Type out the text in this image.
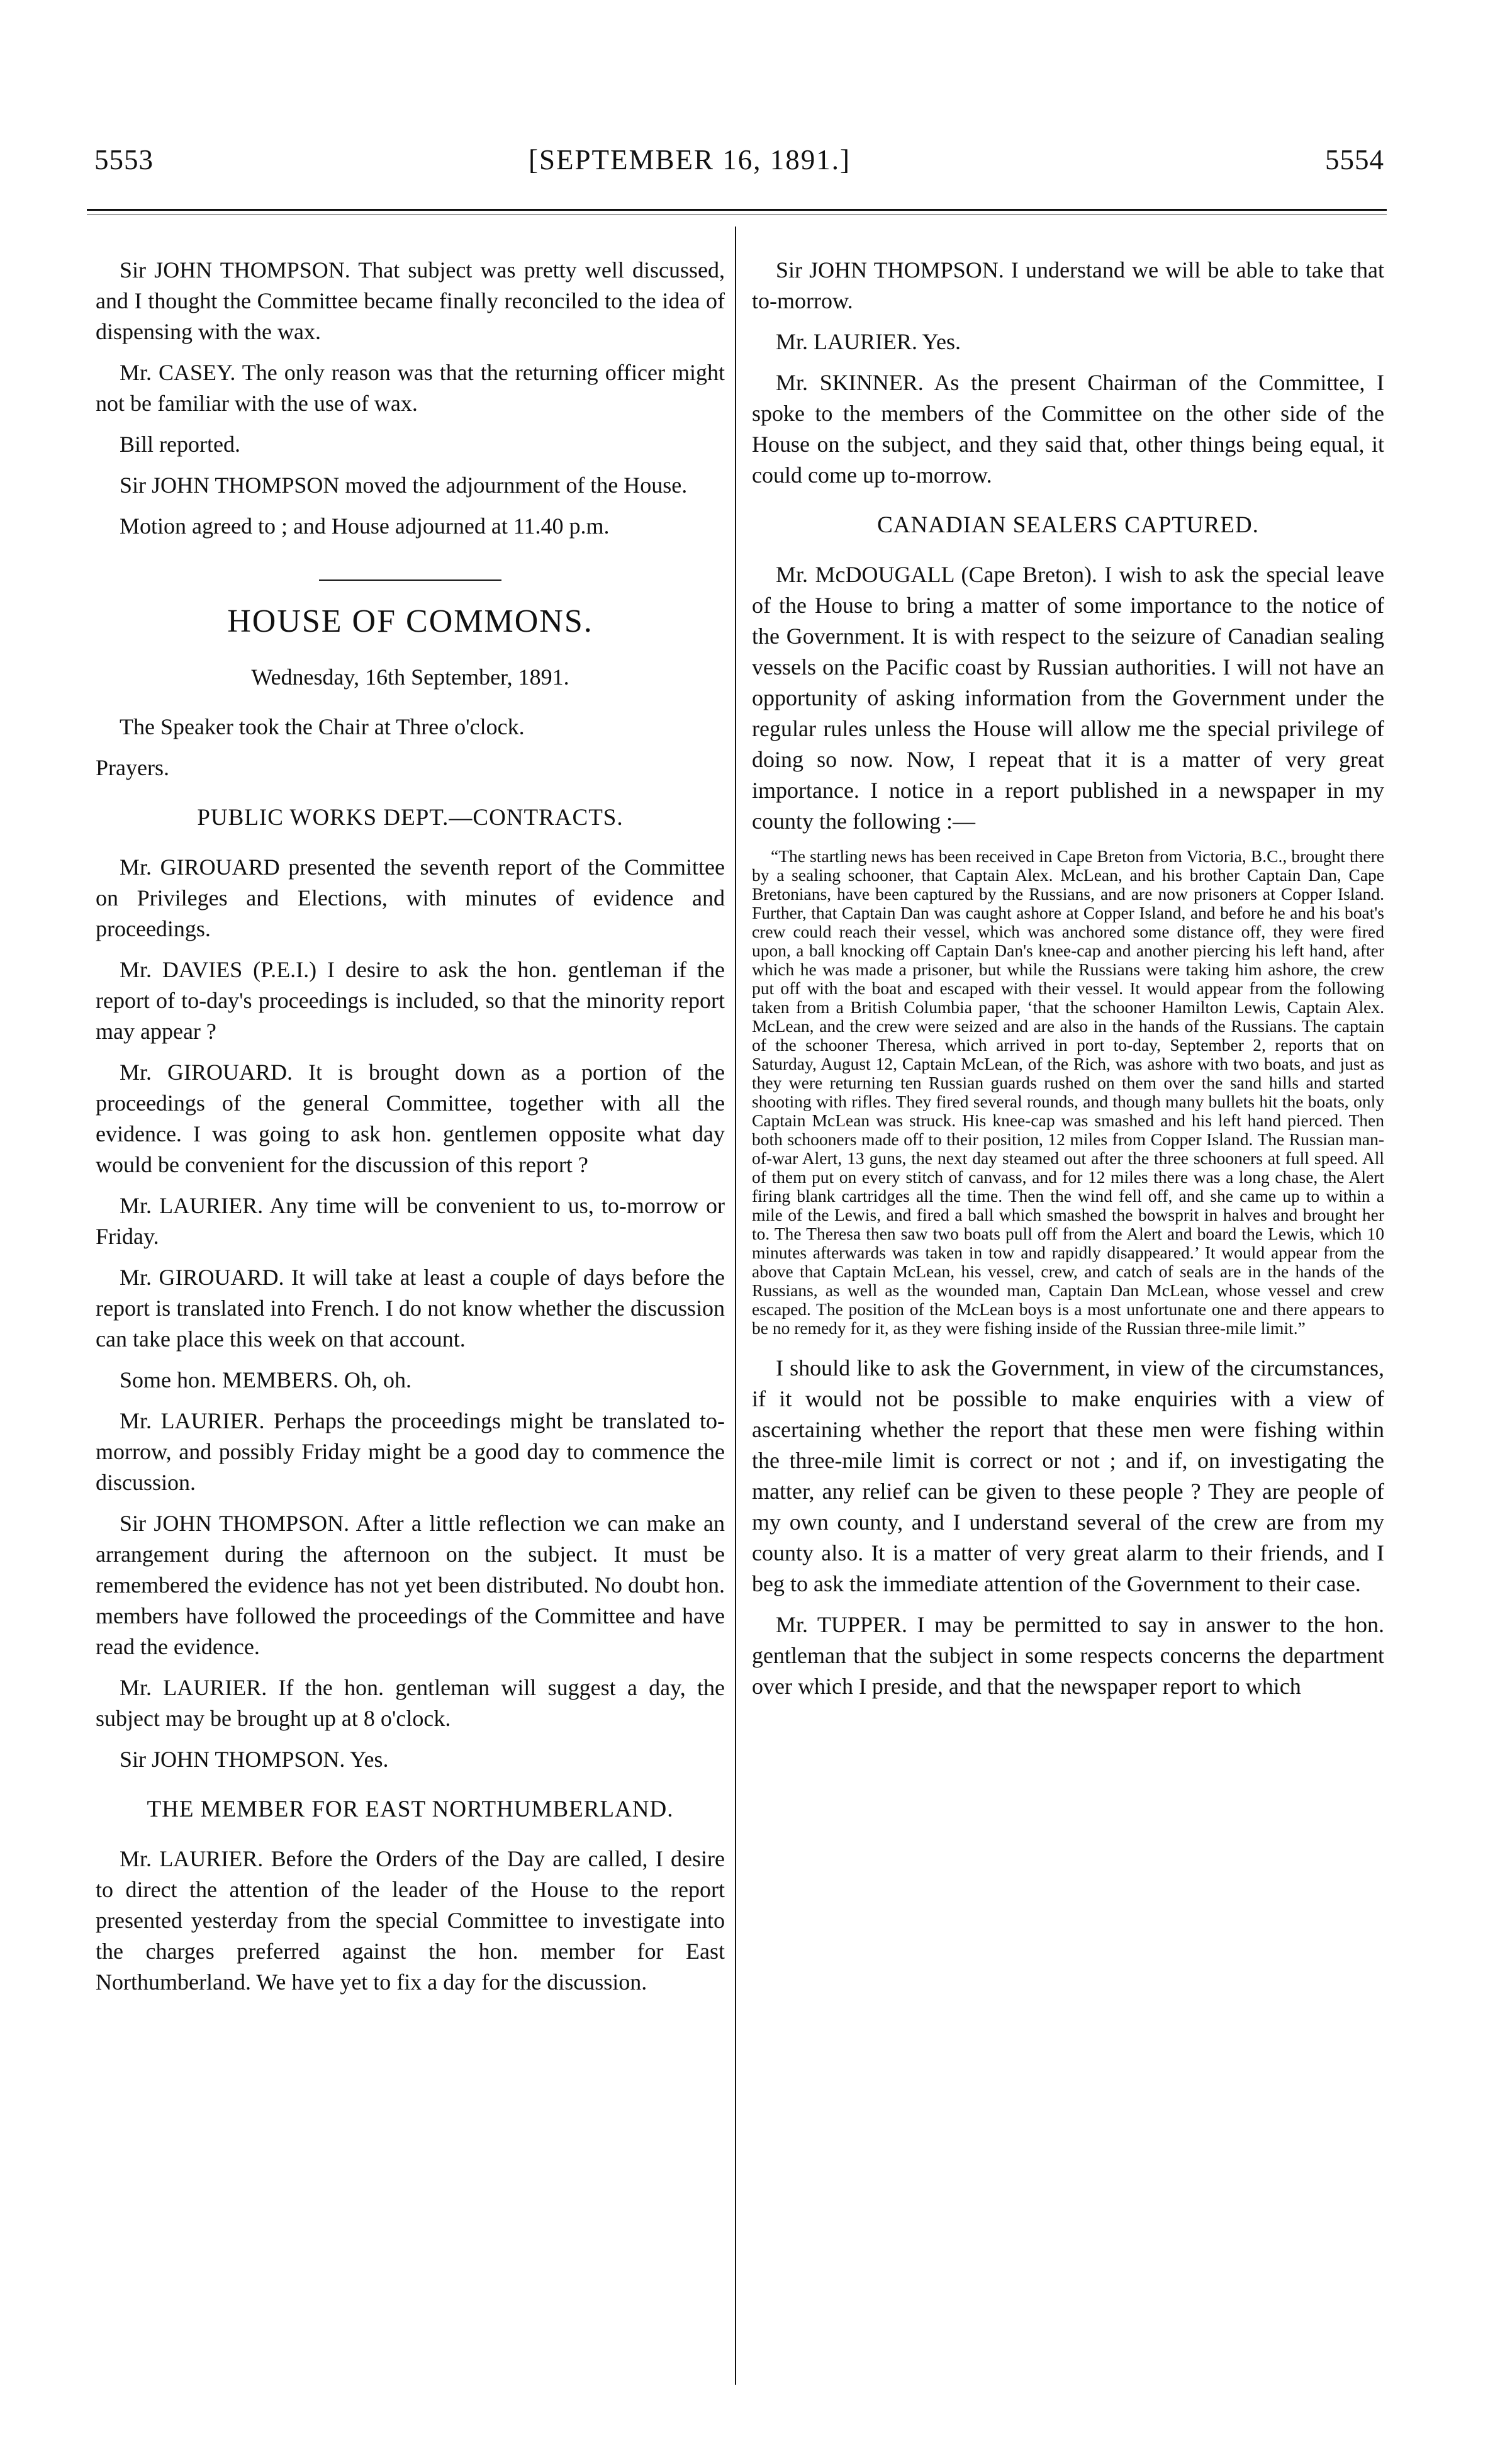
5553	[SEPTEMBER 16, 1891.]	5554

Sir JOHN THOMPSON. That subject was pretty well discussed, and I thought the Committee became finally reconciled to the idea of dispensing with the wax.

Mr. CASEY. The only reason was that the returning officer might not be familiar with the use of wax.

Bill reported.

Sir JOHN THOMPSON moved the adjournment of the House.

Motion agreed to ; and House adjourned at 11.40 p.m.

HOUSE OF COMMONS.

Wednesday, 16th September, 1891.

The Speaker took the Chair at Three o'clock.

Prayers.

PUBLIC WORKS DEPT.—CONTRACTS.

Mr. GIROUARD presented the seventh report of the Committee on Privileges and Elections, with minutes of evidence and proceedings.

Mr. DAVIES (P.E.I.) I desire to ask the hon. gentleman if the report of to-day's proceedings is included, so that the minority report may appear ?

Mr. GIROUARD. It is brought down as a portion of the proceedings of the general Committee, together with all the evidence. I was going to ask hon. gentlemen opposite what day would be convenient for the discussion of this report ?

Mr. LAURIER. Any time will be convenient to us, to-morrow or Friday.

Mr. GIROUARD. It will take at least a couple of days before the report is translated into French. I do not know whether the discussion can take place this week on that account.

Some hon. MEMBERS. Oh, oh.

Mr. LAURIER. Perhaps the proceedings might be translated to-morrow, and possibly Friday might be a good day to commence the discussion.

Sir JOHN THOMPSON. After a little reflection we can make an arrangement during the afternoon on the subject. It must be remembered the evidence has not yet been distributed. No doubt hon. members have followed the proceedings of the Committee and have read the evidence.

Mr. LAURIER. If the hon. gentleman will suggest a day, the subject may be brought up at 8 o'clock.

Sir JOHN THOMPSON. Yes.

THE MEMBER FOR EAST NORTHUMBERLAND.

Mr. LAURIER. Before the Orders of the Day are called, I desire to direct the attention of the leader of the House to the report presented yesterday from the special Committee to investigate into the charges preferred against the hon. member for East Northumberland. We have yet to fix a day for the discussion.

Sir JOHN THOMPSON. I understand we will be able to take that to-morrow.

Mr. LAURIER. Yes.

Mr. SKINNER. As the present Chairman of the Committee, I spoke to the members of the Committee on the other side of the House on the subject, and they said that, other things being equal, it could come up to-morrow.

CANADIAN SEALERS CAPTURED.

Mr. McDOUGALL (Cape Breton). I wish to ask the special leave of the House to bring a matter of some importance to the notice of the Government. It is with respect to the seizure of Canadian sealing vessels on the Pacific coast by Russian authorities. I will not have an opportunity of asking information from the Government under the regular rules unless the House will allow me the special privilege of doing so now. Now, I repeat that it is a matter of very great importance. I notice in a report published in a newspaper in my county the following :—

“The startling news has been received in Cape Breton from Victoria, B.C., brought there by a sealing schooner, that Captain Alex. McLean, and his brother Captain Dan, Cape Bretonians, have been captured by the Russians, and are now prisoners at Copper Island. Further, that Captain Dan was caught ashore at Copper Island, and before he and his boat's crew could reach their vessel, which was anchored some distance off, they were fired upon, a ball knocking off Captain Dan's knee-cap and another piercing his left hand, after which he was made a prisoner, but while the Russians were taking him ashore, the crew put off with the boat and escaped with their vessel. It would appear from the following taken from a British Columbia paper, ‘that the schooner Hamilton Lewis, Captain Alex. McLean, and the crew were seized and are also in the hands of the Russians. The captain of the schooner Theresa, which arrived in port to-day, September 2, reports that on Saturday, August 12, Captain McLean, of the Rich, was ashore with two boats, and just as they were returning ten Russian guards rushed on them over the sand hills and started shooting with rifles. They fired several rounds, and though many bullets hit the boats, only Captain McLean was struck. His knee-cap was smashed and his left hand pierced. Then both schooners made off to their position, 12 miles from Copper Island. The Russian man-of-war Alert, 13 guns, the next day steamed out after the three schooners at full speed. All of them put on every stitch of canvass, and for 12 miles there was a long chase, the Alert firing blank cartridges all the time. Then the wind fell off, and she came up to within a mile of the Lewis, and fired a ball which smashed the bowsprit in halves and brought her to. The Theresa then saw two boats pull off from the Alert and board the Lewis, which 10 minutes afterwards was taken in tow and rapidly disappeared.’ It would appear from the above that Captain McLean, his vessel, crew, and catch of seals are in the hands of the Russians, as well as the wounded man, Captain Dan McLean, whose vessel and crew escaped. The position of the McLean boys is a most unfortunate one and there appears to be no remedy for it, as they were fishing inside of the Russian three-mile limit.”

I should like to ask the Government, in view of the circumstances, if it would not be possible to make enquiries with a view of ascertaining whether the report that these men were fishing within the three-mile limit is correct or not ; and if, on investigating the matter, any relief can be given to these people ? They are people of my own county, and I understand several of the crew are from my county also. It is a matter of very great alarm to their friends, and I beg to ask the immediate attention of the Government to their case.

Mr. TUPPER. I may be permitted to say in answer to the hon. gentleman that the subject in some respects concerns the department over which I preside, and that the newspaper report to which
